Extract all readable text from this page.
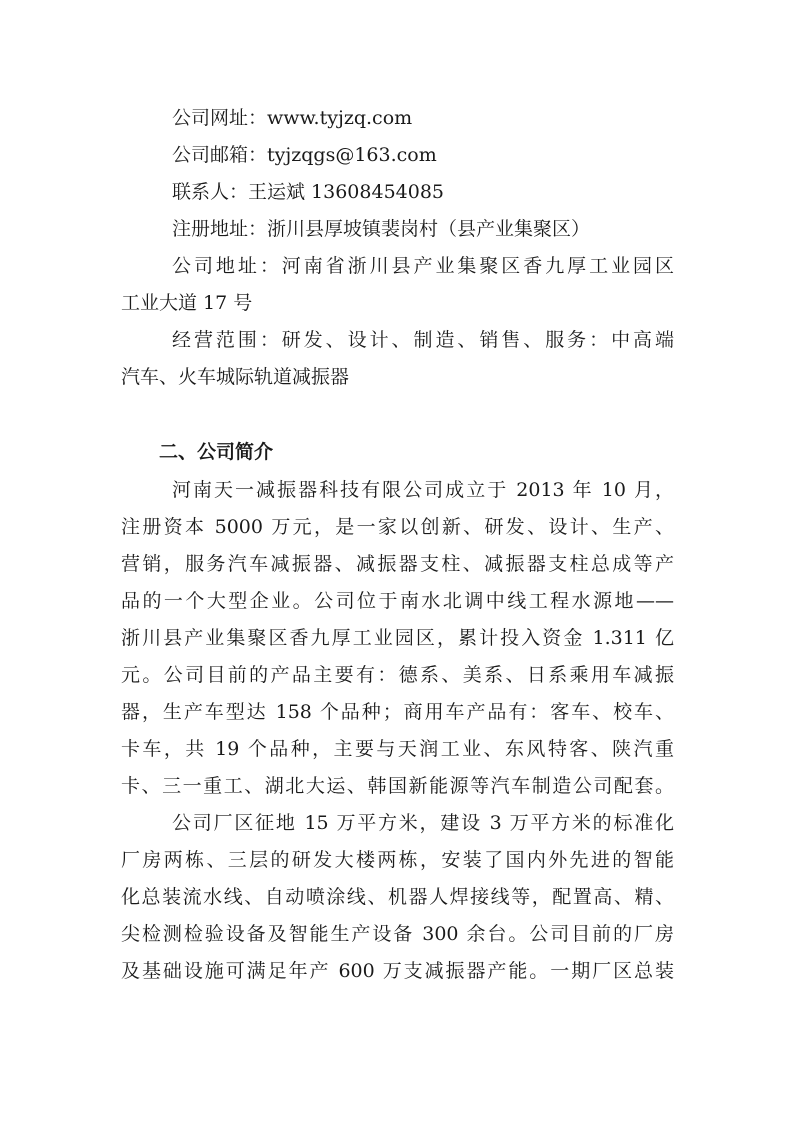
公司网址：www.tyjzq.com
公司邮箱：tyjzqgs@163.com
联系人：王运斌 13608454085
注册地址：浙川县厚坡镇裴岗村（县产业集聚区）
公司地址：河南省浙川县产业集聚区香九厚工业园区
工业大道 17 号
经营范围：研发、设计、制造、销售、服务：中高端
汽车、火车城际轨道减振器
二、公司简介
河南天一减振器科技有限公司成立于 2013 年 10 月，
注册资本 5000 万元，是一家以创新、研发、设计、生产、
营销，服务汽车减振器、减振器支柱、减振器支柱总成等产
品的一个大型企业。公司位于南水北调中线工程水源地——
浙川县产业集聚区香九厚工业园区，累计投入资金 1.311 亿
元。公司目前的产品主要有：德系、美系、日系乘用车减振
器，生产车型达 158 个品种；商用车产品有：客车、校车、
卡车，共 19 个品种，主要与天润工业、东风特客、陕汽重
卡、三一重工、湖北大运、韩国新能源等汽车制造公司配套。
公司厂区征地 15 万平方米，建设 3 万平方米的标准化
厂房两栋、三层的研发大楼两栋，安装了国内外先进的智能
化总装流水线、自动喷涂线、机器人焊接线等，配置高、精、
尖检测检验设备及智能生产设备 300 余台。公司目前的厂房
及基础设施可满足年产 600 万支减振器产能。一期厂区总装
